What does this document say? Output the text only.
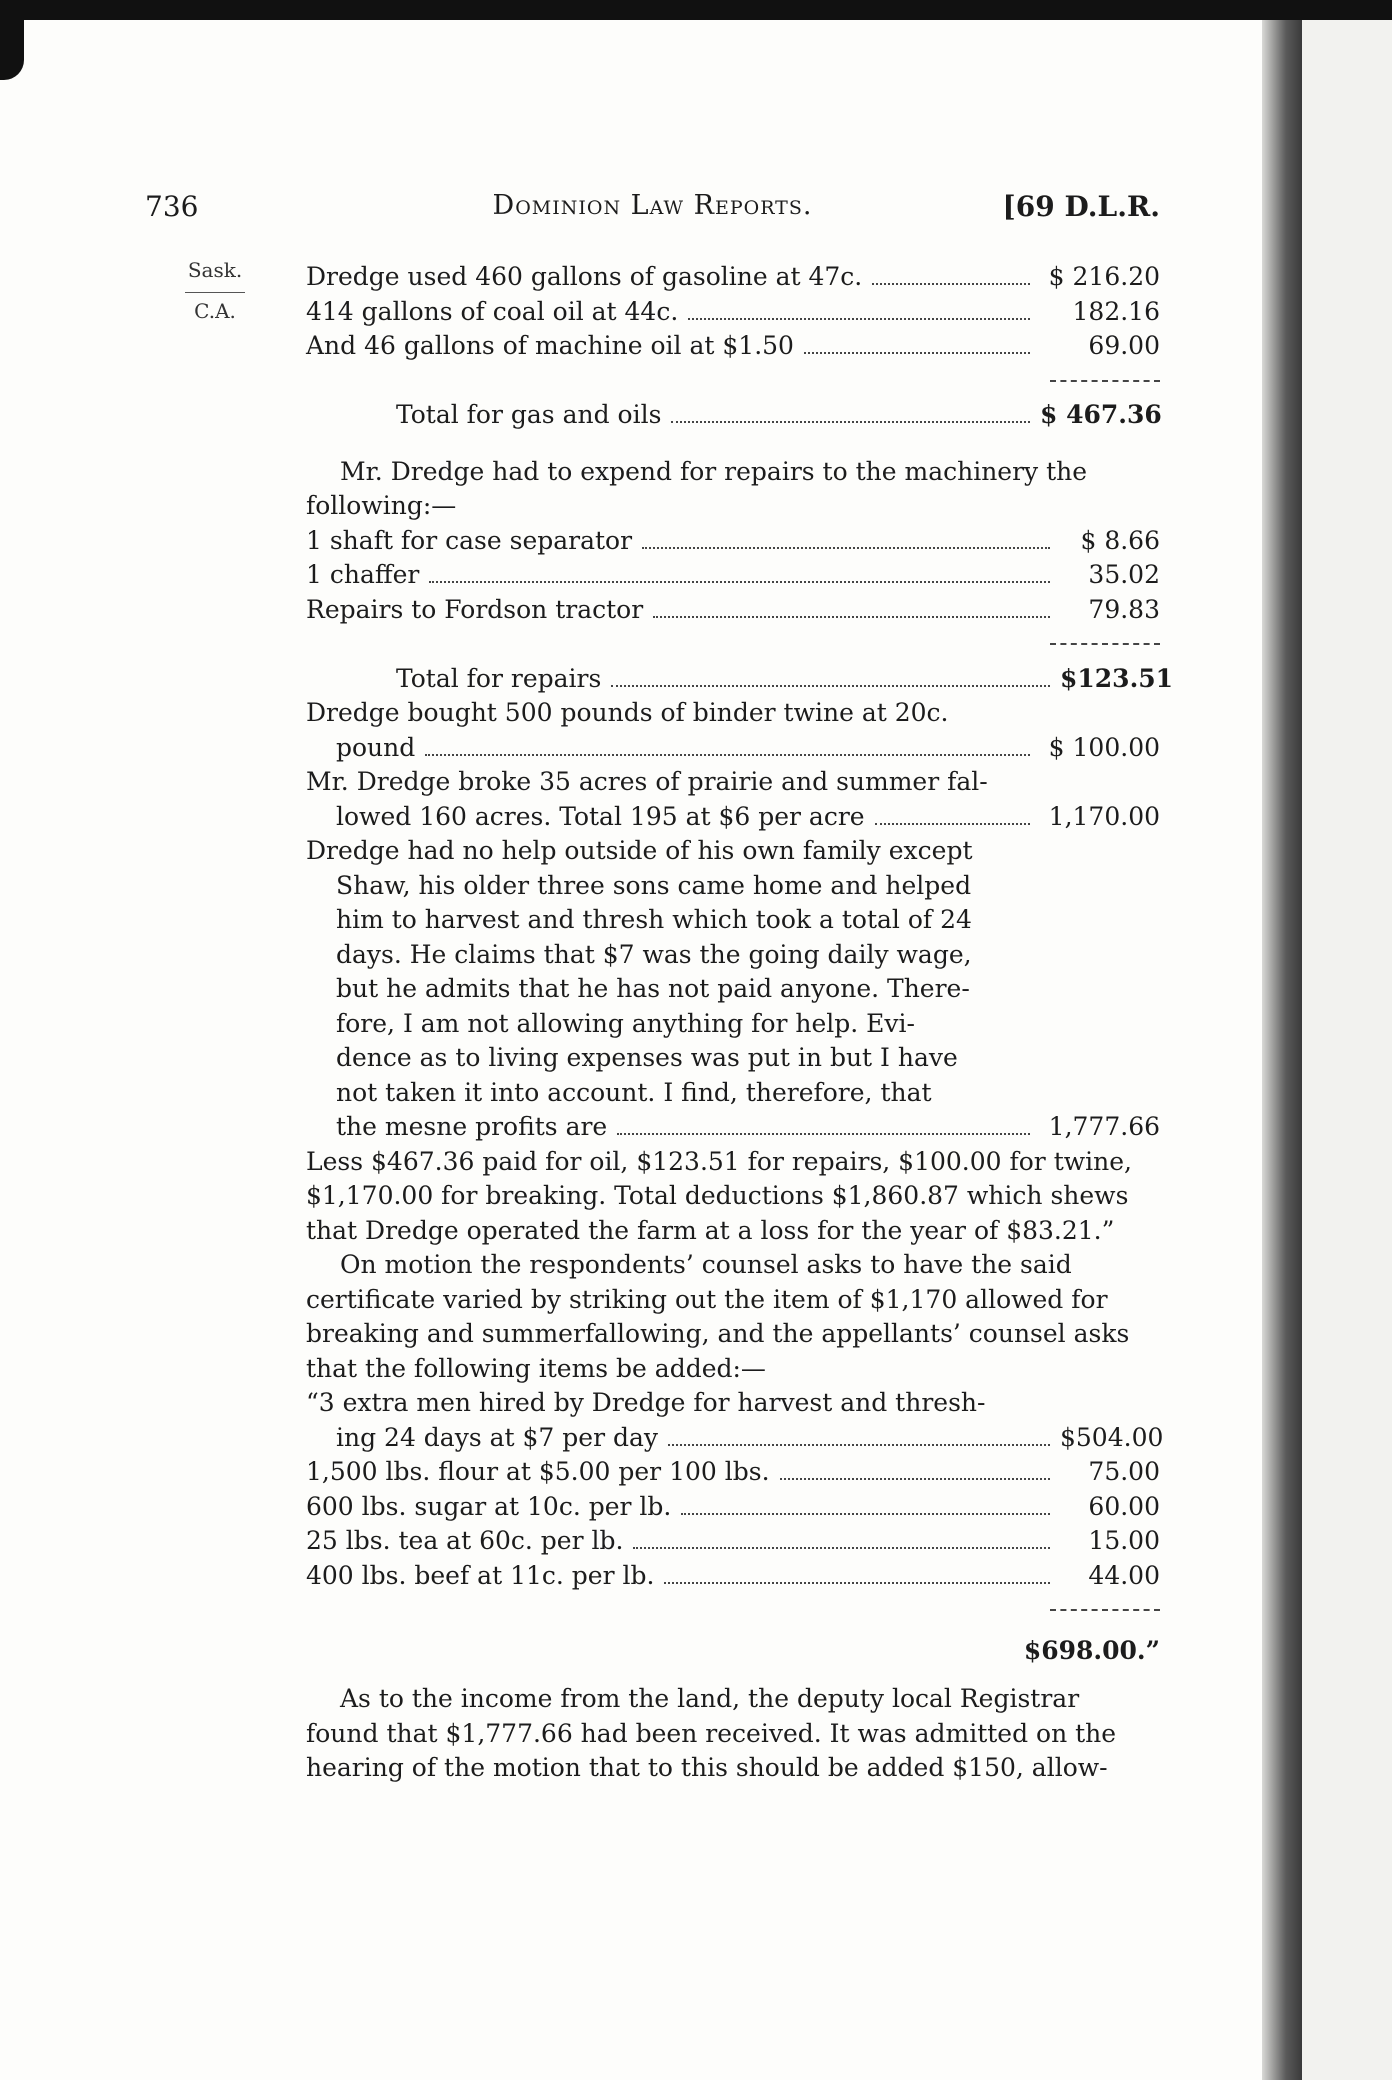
736	Dominion Law Reports.	[69 D.L.R.
Sask.
C.A.
Dredge used 460 gallons of gasoline at 47c.	$ 216.20
414 gallons of coal oil at 44c.	182.16
And 46 gallons of machine oil at $1.50	69.00
Total for gas and oils	$ 467.36
Mr. Dredge had to expend for repairs to the machinery the
following:—
1 shaft for case separator	$ 8.66
1 chaffer	35.02
Repairs to Fordson tractor	79.83
Total for repairs	$123.51
Dredge bought 500 pounds of binder twine at 20c.
pound	$ 100.00
Mr. Dredge broke 35 acres of prairie and summer fal-
lowed 160 acres. Total 195 at $6 per acre	1,170.00
Dredge had no help outside of his own family except
Shaw, his older three sons came home and helped
him to harvest and thresh which took a total of 24
days. He claims that $7 was the going daily wage,
but he admits that he has not paid anyone. There-
fore, I am not allowing anything for help. Evi-
dence as to living expenses was put in but I have
not taken it into account. I find, therefore, that
the mesne profits are	1,777.66
Less $467.36 paid for oil, $123.51 for repairs, $100.00 for twine,
$1,170.00 for breaking. Total deductions $1,860.87 which shews
that Dredge operated the farm at a loss for the year of $83.21.”
On motion the respondents’ counsel asks to have the said
certificate varied by striking out the item of $1,170 allowed for
breaking and summerfallowing, and the appellants’ counsel asks
that the following items be added:—
“3 extra men hired by Dredge for harvest and thresh-
ing 24 days at $7 per day	$504.00
1,500 lbs. flour at $5.00 per 100 lbs.	75.00
600 lbs. sugar at 10c. per lb.	60.00
25 lbs. tea at 60c. per lb.	15.00
400 lbs. beef at 11c. per lb.	44.00
$698.00.”
As to the income from the land, the deputy local Registrar
found that $1,777.66 had been received. It was admitted on the
hearing of the motion that to this should be added $150, allow-
